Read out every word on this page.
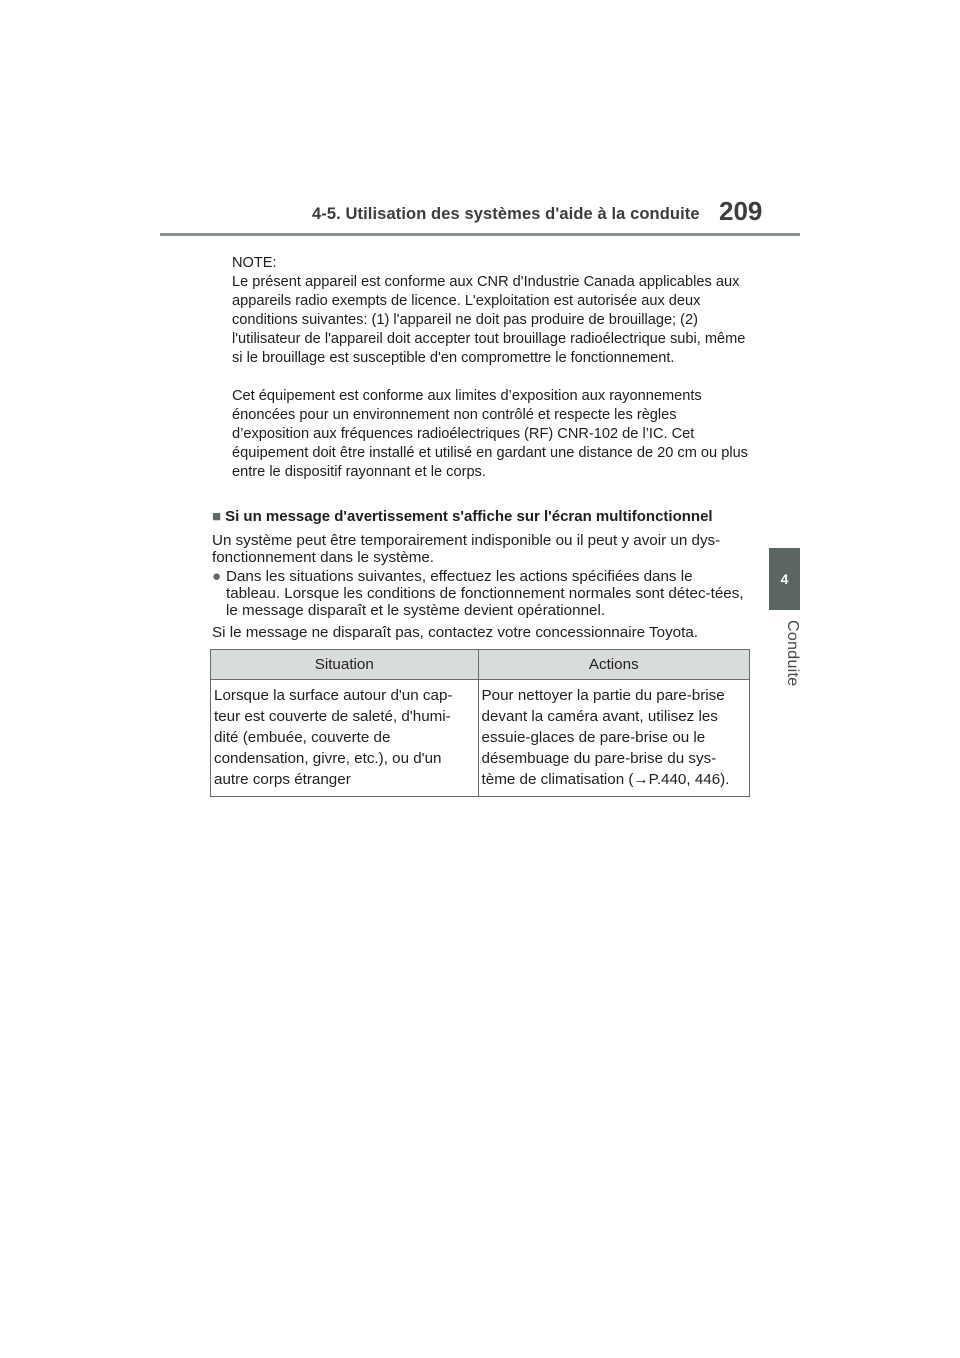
4-5. Utilisation des systèmes d'aide à la conduite 209
4
Conduite

NOTE:

Le présent appareil est conforme aux CNR d'Industrie Canada applicables aux appareils radio exempts de licence. L'exploitation est autorisée aux deux conditions suivantes: (1) l'appareil ne doit pas produire de brouillage; (2) l'utilisateur de l'appareil doit accepter tout brouillage radioélectrique subi, même si le brouillage est susceptible d'en compromettre le fonctionnement.

Cet équipement est conforme aux limites d’exposition aux rayonnements énoncées pour un environnement non contrôlé et respecte les règles d’exposition aux fréquences radioélectriques (RF) CNR-102 de l’IC. Cet équipement doit être installé et utilisé en gardant une distance de 20 cm ou plus entre le dispositif rayonnant et le corps.

■ Si un message d'avertissement s'affiche sur l'écran multifonctionnel

Un système peut être temporairement indisponible ou il peut y avoir un dys-fonctionnement dans le système.

● Dans les situations suivantes, effectuez les actions spécifiées dans le tableau. Lorsque les conditions de fonctionnement normales sont détec-tées, le message disparaît et le système devient opérationnel.

Si le message ne disparaît pas, contactez votre concessionnaire Toyota.

Situation	Actions
Lorsque la surface autour d'un cap-teur est couverte de saleté, d'humi-dité (embuée, couverte de condensation, givre, etc.), ou d'un autre corps étranger	Pour nettoyer la partie du pare-brise devant la caméra avant, utilisez les essuie-glaces de pare-brise ou le désembuage du pare-brise du sys-tème de climatisation (→P.440, 446).
